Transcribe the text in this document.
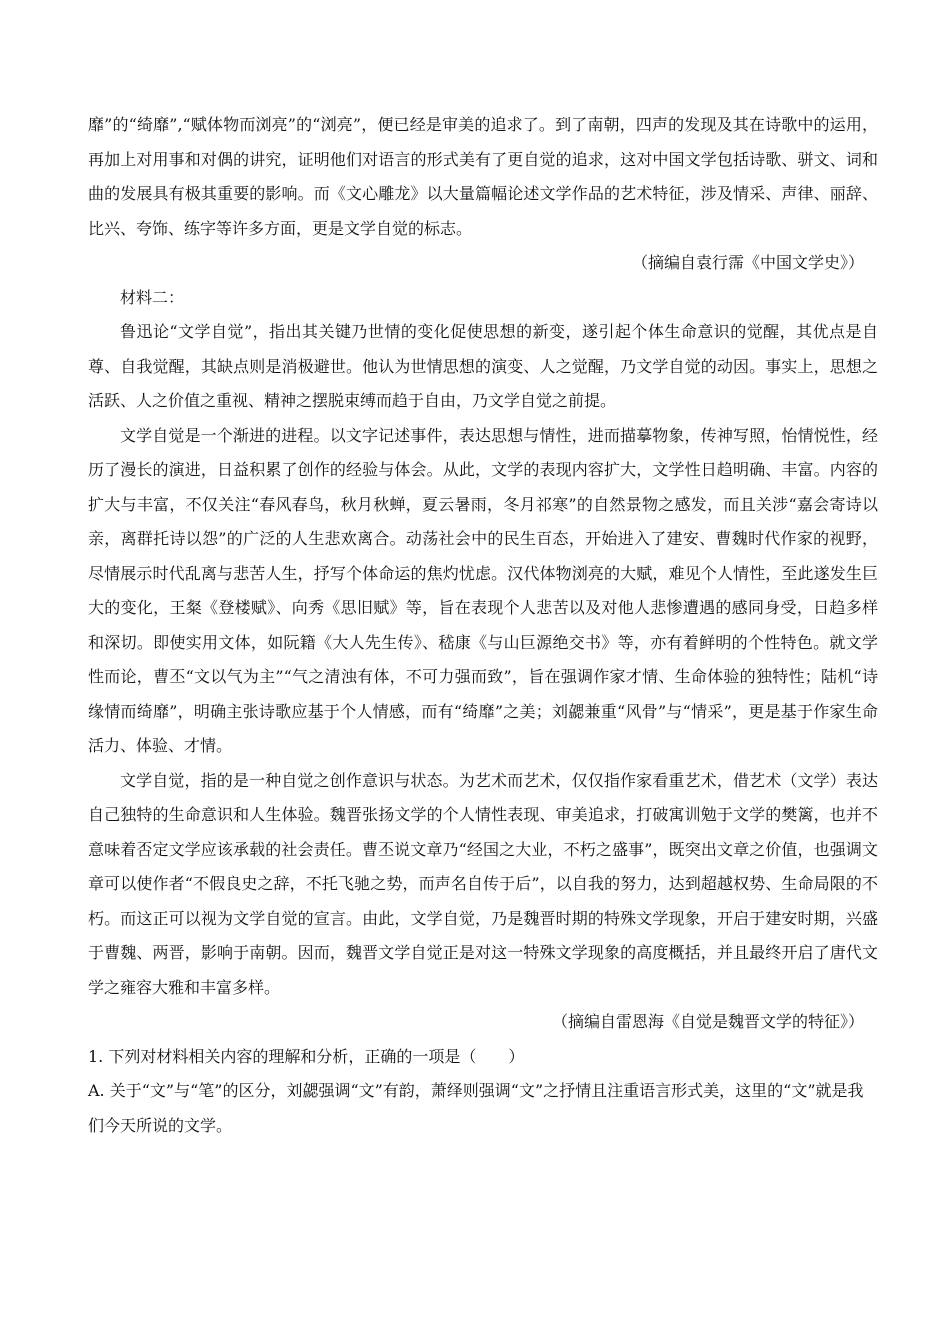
靡”的“绮靡”,“赋体物而浏亮”的“浏亮”，便已经是审美的追求了。到了南朝，四声的发现及其在诗歌中的运用，再加上对用事和对偶的讲究，证明他们对语言的形式美有了更自觉的追求，这对中国文学包括诗歌、骈文、词和曲的发展具有极其重要的影响。而《文心雕龙》以大量篇幅论述文学作品的艺术特征，涉及情采、声律、丽辞、比兴、夸饰、练字等许多方面，更是文学自觉的标志。

（摘编自袁行霈《中国文学史》）

材料二：

鲁迅论“文学自觉”，指出其关键乃世情的变化促使思想的新变，遂引起个体生命意识的觉醒，其优点是自尊、自我觉醒，其缺点则是消极避世。他认为世情思想的演变、人之觉醒，乃文学自觉的动因。事实上，思想之活跃、人之价值之重视、精神之摆脱束缚而趋于自由，乃文学自觉之前提。

文学自觉是一个渐进的进程。以文字记述事件，表达思想与情性，进而描摹物象，传神写照，怡情悦性，经历了漫长的演进，日益积累了创作的经验与体会。从此，文学的表现内容扩大，文学性日趋明确、丰富。内容的扩大与丰富，不仅关注“春风春鸟，秋月秋蝉，夏云暑雨，冬月祁寒”的自然景物之感发，而且关涉“嘉会寄诗以亲，离群托诗以怨”的广泛的人生悲欢离合。动荡社会中的民生百态，开始进入了建安、曹魏时代作家的视野，尽情展示时代乱离与悲苦人生，抒写个体命运的焦灼忧虑。汉代体物浏亮的大赋，难见个人情性，至此遂发生巨大的变化，王粲《登楼赋》、向秀《思旧赋》等，旨在表现个人悲苦以及对他人悲惨遭遇的感同身受，日趋多样和深切。即使实用文体，如阮籍《大人先生传》、嵇康《与山巨源绝交书》等，亦有着鲜明的个性特色。就文学性而论，曹丕“文以气为主”“气之清浊有体，不可力强而致”，旨在强调作家才情、生命体验的独特性；陆机“诗缘情而绮靡”，明确主张诗歌应基于个人情感，而有“绮靡”之美；刘勰兼重“风骨”与“情采”，更是基于作家生命活力、体验、才情。

文学自觉，指的是一种自觉之创作意识与状态。为艺术而艺术，仅仅指作家看重艺术，借艺术（文学）表达自己独特的生命意识和人生体验。魏晋张扬文学的个人情性表现、审美追求，打破寓训勉于文学的樊篱，也并不意味着否定文学应该承载的社会责任。曹丕说文章乃“经国之大业，不朽之盛事”，既突出文章之价值，也强调文章可以使作者“不假良史之辞，不托飞驰之势，而声名自传于后”，以自我的努力，达到超越权势、生命局限的不朽。而这正可以视为文学自觉的宣言。由此，文学自觉，乃是魏晋时期的特殊文学现象，开启于建安时期，兴盛于曹魏、两晋，影响于南朝。因而，魏晋文学自觉正是对这一特殊文学现象的高度概括，并且最终开启了唐代文学之雍容大雅和丰富多样。

（摘编自雷恩海《自觉是魏晋文学的特征》）

1. 下列对材料相关内容的理解和分析，正确的一项是（　　）

A. 关于“文”与“笔”的区分，刘勰强调“文”有韵，萧绎则强调“文”之抒情且注重语言形式美，这里的“文”就是我们今天所说的文学。
